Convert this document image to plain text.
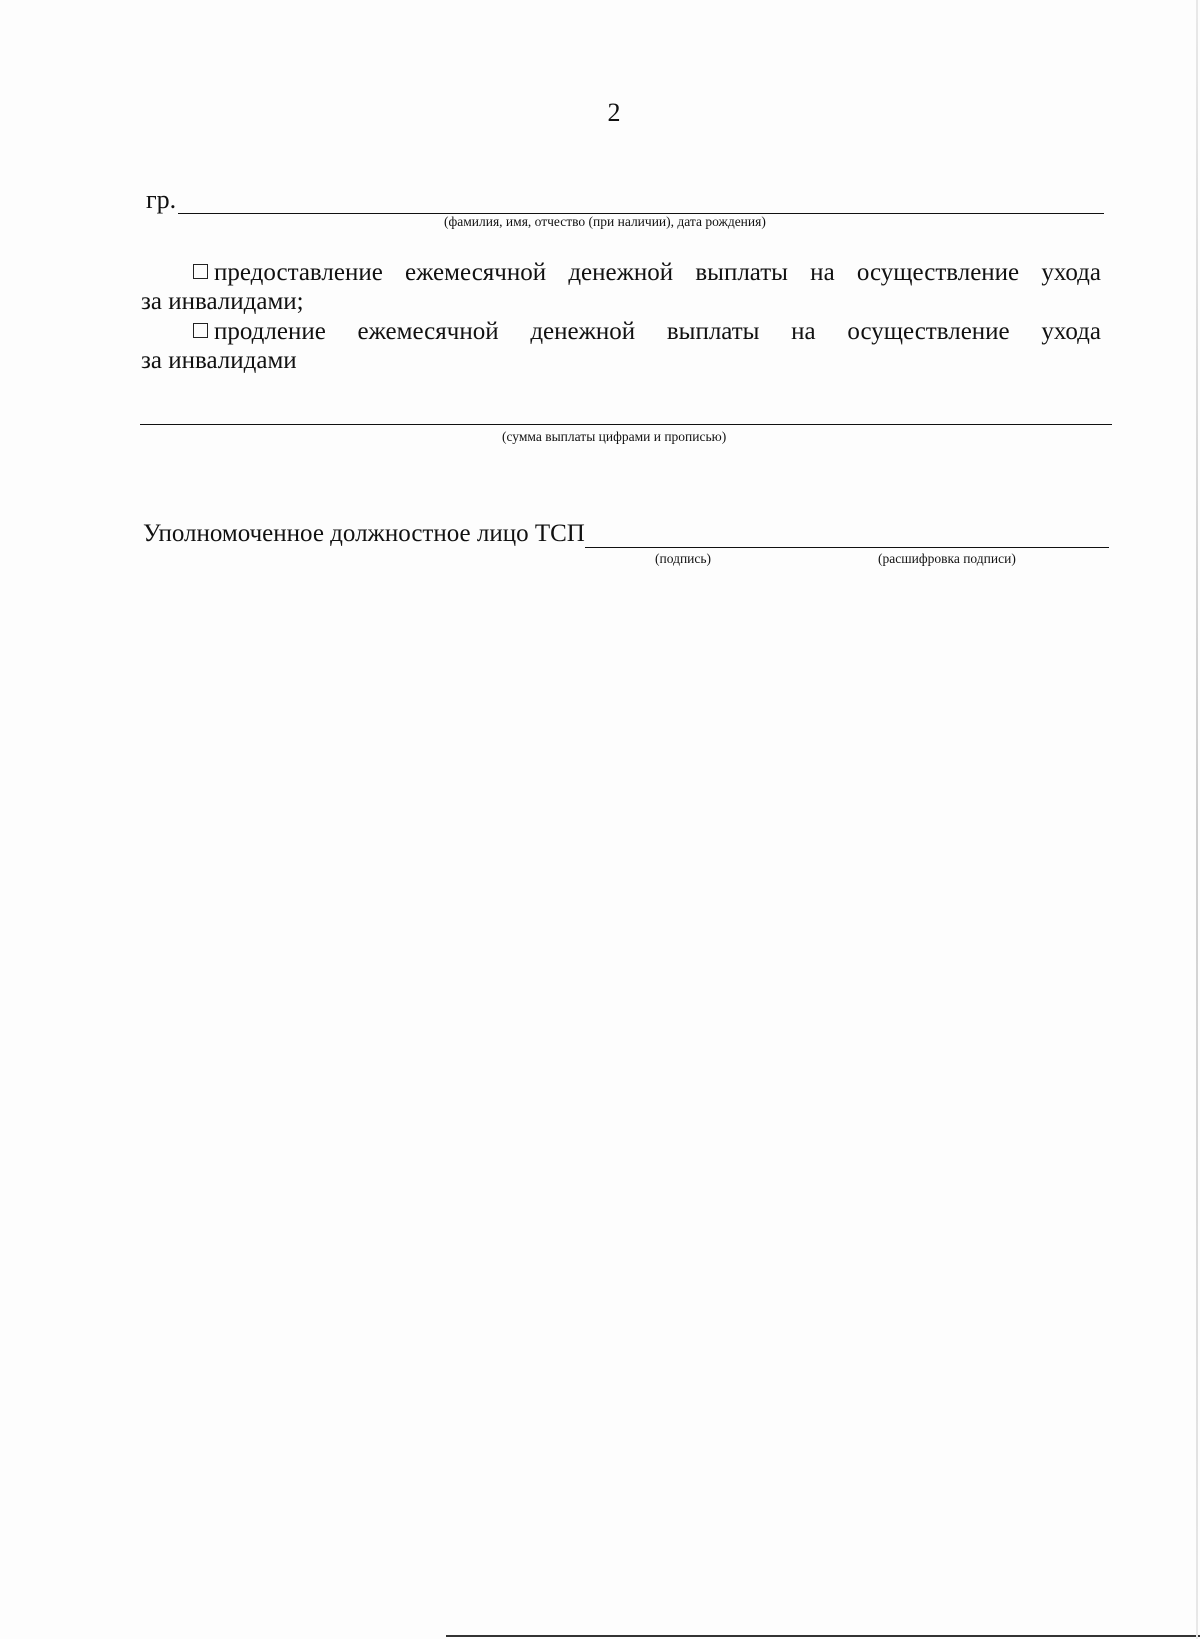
2
гр.
(фамилия, имя, отчество (при наличии), дата рождения)
предоставление ежемесячной денежной выплаты на осуществление ухода
за инвалидами;
продление ежемесячной денежной выплаты на осуществление ухода
за инвалидами
(сумма выплаты цифрами и прописью)
Уполномоченное должностное лицо ТСП
(подпись)	(расшифровка подписи)
